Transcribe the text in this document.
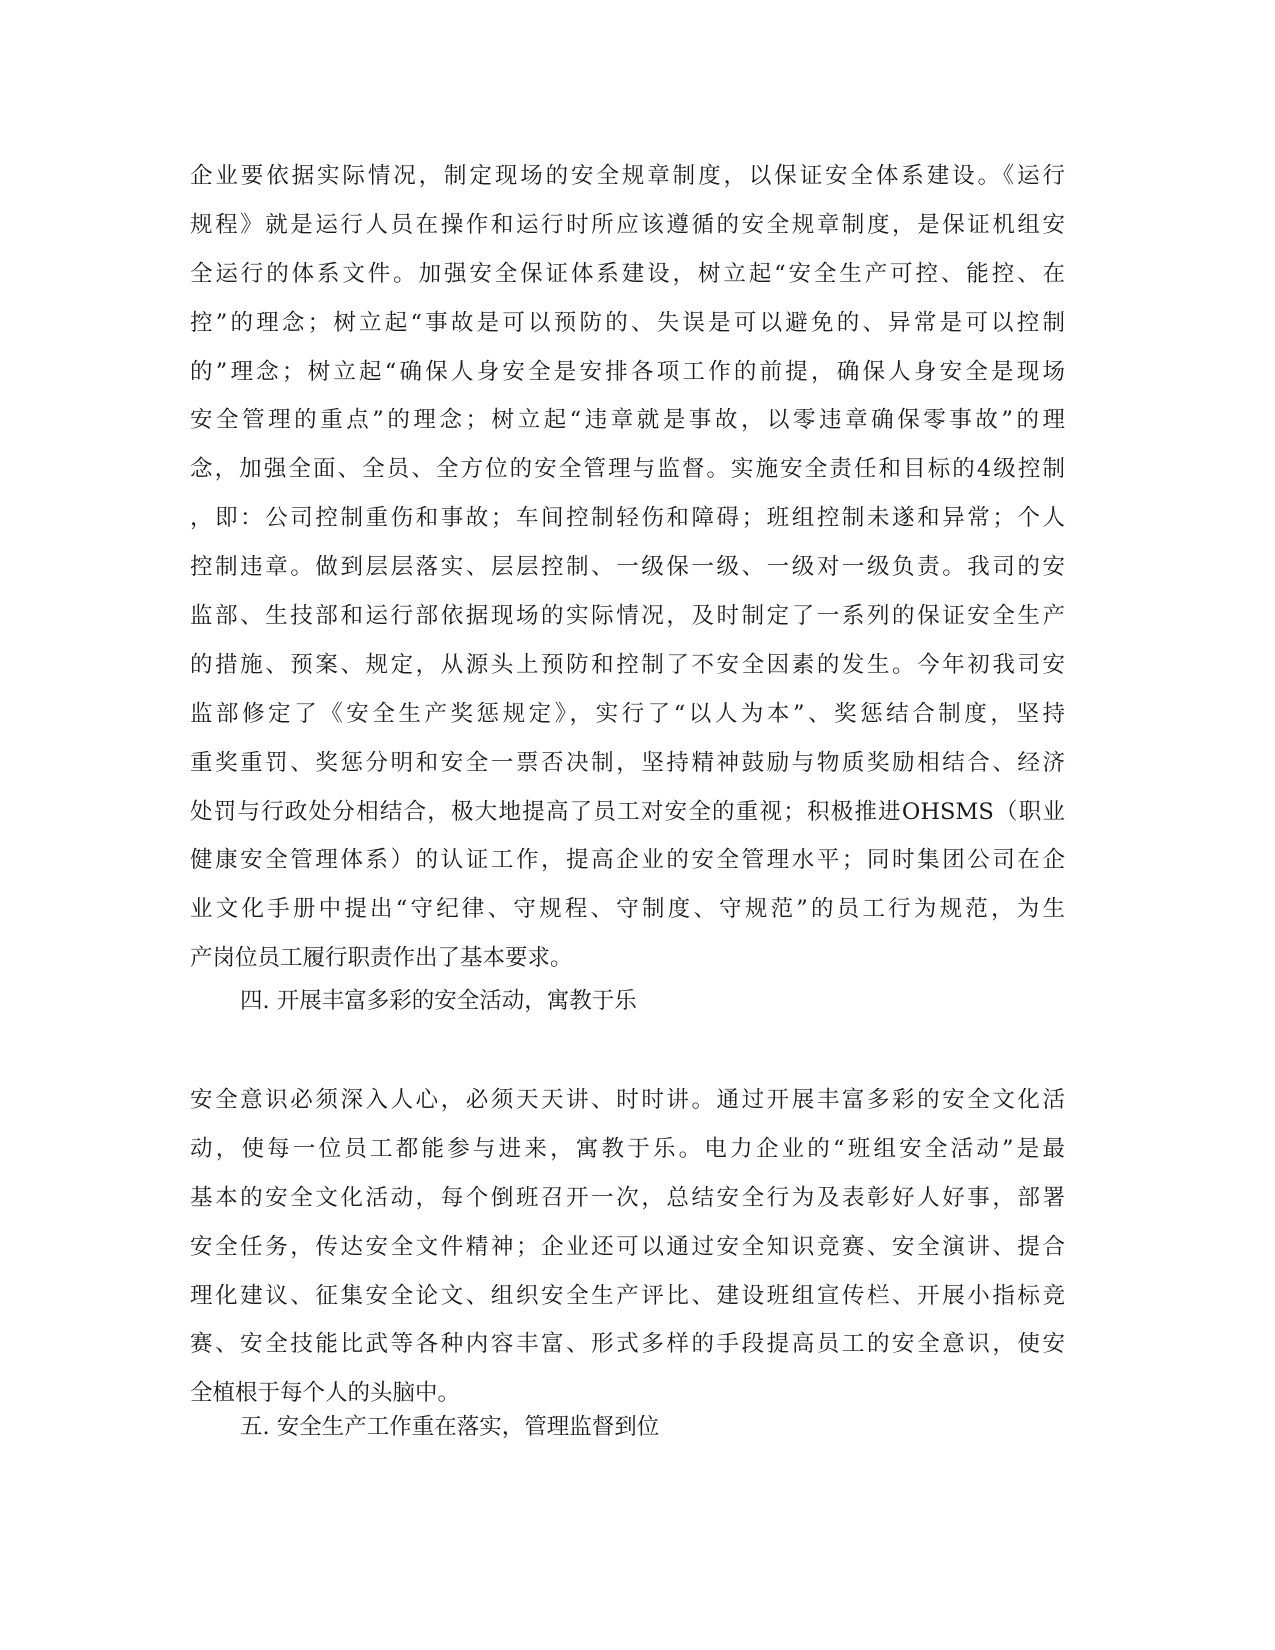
企业要依据实际情况，制定现场的安全规章制度，以保证安全体系建设。《运行
规程》就是运行人员在操作和运行时所应该遵循的安全规章制度，是保证机组安
全运行的体系文件。加强安全保证体系建设，树立起“安全生产可控、能控、在
控”的理念；树立起“事故是可以预防的、失误是可以避免的、异常是可以控制
的”理念；树立起“确保人身安全是安排各项工作的前提，确保人身安全是现场
安全管理的重点”的理念；树立起“违章就是事故，以零违章确保零事故”的理
念，加强全面、全员、全方位的安全管理与监督。实施安全责任和目标的4级控制
，即：公司控制重伤和事故；车间控制轻伤和障碍；班组控制未遂和异常；个人
控制违章。做到层层落实、层层控制、一级保一级、一级对一级负责。我司的安
监部、生技部和运行部依据现场的实际情况，及时制定了一系列的保证安全生产
的措施、预案、规定，从源头上预防和控制了不安全因素的发生。今年初我司安
监部修定了《安全生产奖惩规定》，实行了“以人为本”、奖惩结合制度，坚持
重奖重罚、奖惩分明和安全一票否决制，坚持精神鼓励与物质奖励相结合、经济
处罚与行政处分相结合，极大地提高了员工对安全的重视；积极推进OHSMS（职业
健康安全管理体系）的认证工作，提高企业的安全管理水平；同时集团公司在企
业文化手册中提出“守纪律、守规程、守制度、守规范”的员工行为规范，为生
产岗位员工履行职责作出了基本要求。
四. 开展丰富多彩的安全活动，寓教于乐
安全意识必须深入人心，必须天天讲、时时讲。通过开展丰富多彩的安全文化活
动，使每一位员工都能参与进来，寓教于乐。电力企业的“班组安全活动”是最
基本的安全文化活动，每个倒班召开一次，总结安全行为及表彰好人好事，部署
安全任务，传达安全文件精神；企业还可以通过安全知识竞赛、安全演讲、提合
理化建议、征集安全论文、组织安全生产评比、建设班组宣传栏、开展小指标竞
赛、安全技能比武等各种内容丰富、形式多样的手段提高员工的安全意识，使安
全植根于每个人的头脑中。
五. 安全生产工作重在落实，管理监督到位
